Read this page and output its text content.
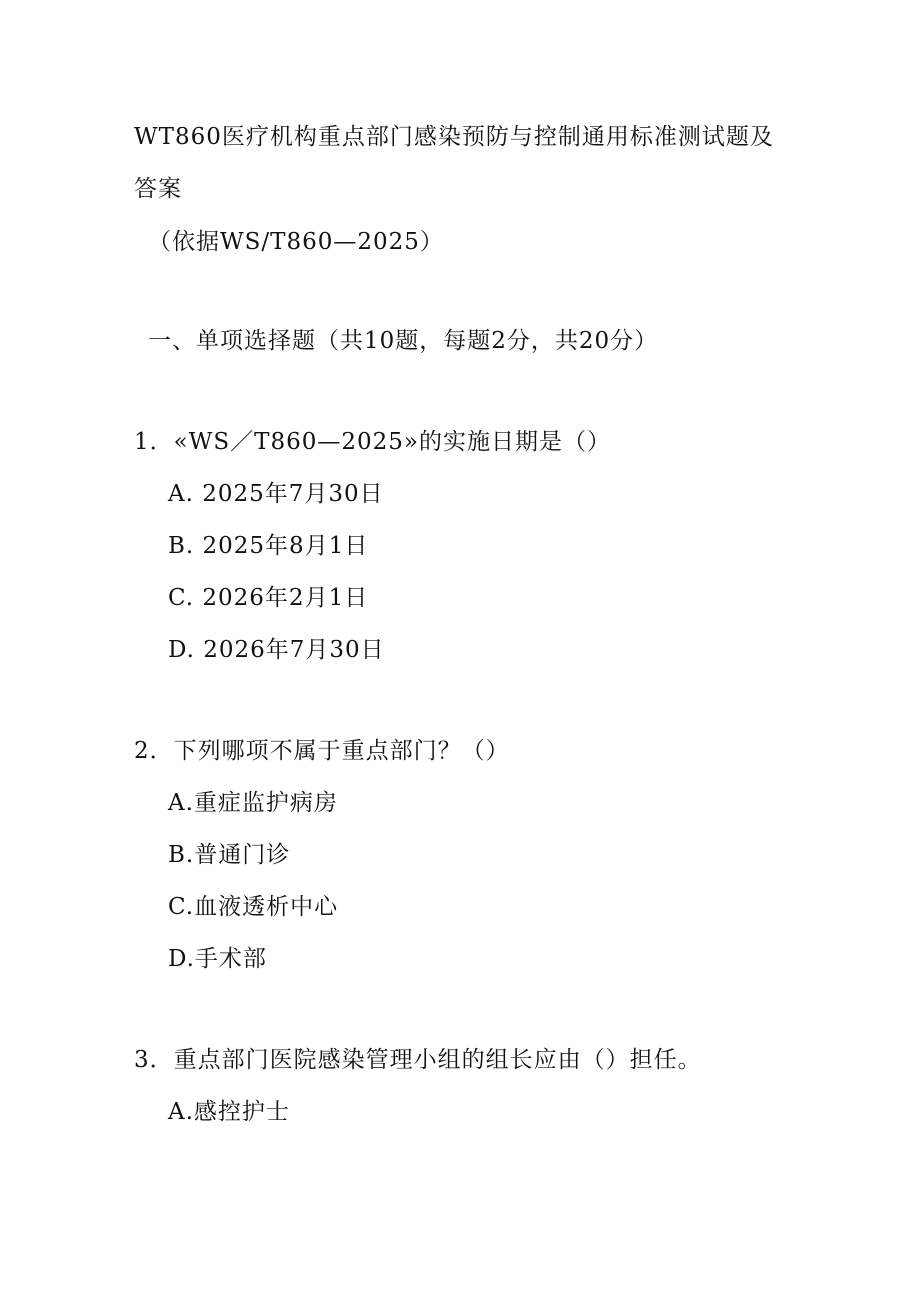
WT860医疗机构重点部门感染预防与控制通用标准测试题及
答案
（依据WS/T860—2025）
一、单项选择题（共10题，每题2分，共20分）
1．«WS／T860—2025»的实施日期是（）
A. 2025年7月30日
B. 2025年8月1日
C. 2026年2月1日
D. 2026年7月30日
2．下列哪项不属于重点部门？（）
A.重症监护病房
B.普通门诊
C.血液透析中心
D.手术部
3．重点部门医院感染管理小组的组长应由（）担任。
A.感控护士
